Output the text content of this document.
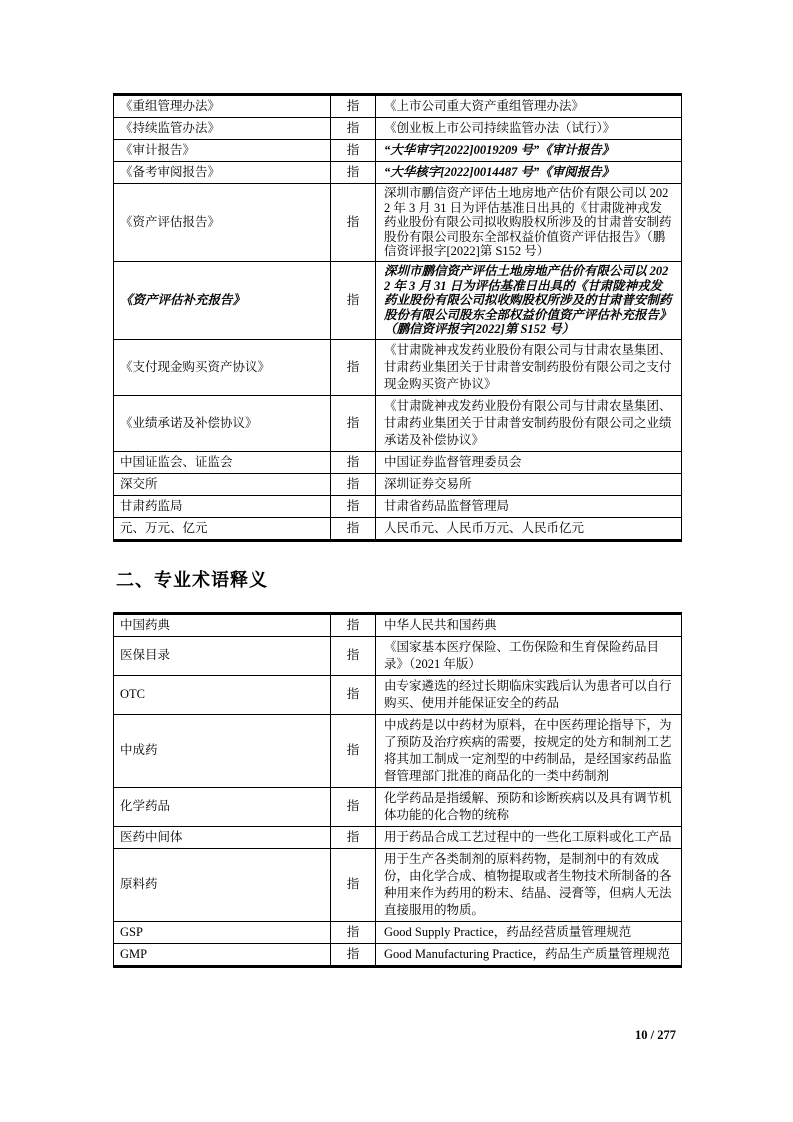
《重组管理办法》	指	《上市公司重大资产重组管理办法》
《持续监管办法》	指	《创业板上市公司持续监管办法（试行）》
《审计报告》	指	“大华审字[2022]0019209 号”《审计报告》
《备考审阅报告》	指	“大华核字[2022]0014487 号”《审阅报告》
《资产评估报告》	指	深圳市鹏信资产评估土地房地产估价有限公司以 2022 年 3 月 31 日为评估基准日出具的《甘肃陇神戎发药业股份有限公司拟收购股权所涉及的甘肃普安制药股份有限公司股东全部权益价值资产评估报告》（鹏信资评报字[2022]第 S152 号）
《资产评估补充报告》	指	深圳市鹏信资产评估土地房地产估价有限公司以 2022 年 3 月 31 日为评估基准日出具的《甘肃陇神戎发药业股份有限公司拟收购股权所涉及的甘肃普安制药股份有限公司股东全部权益价值资产评估补充报告》（鹏信资评报字[2022]第 S152 号）
《支付现金购买资产协议》	指	《甘肃陇神戎发药业股份有限公司与甘肃农垦集团、甘肃药业集团关于甘肃普安制药股份有限公司之支付现金购买资产协议》
《业绩承诺及补偿协议》	指	《甘肃陇神戎发药业股份有限公司与甘肃农垦集团、甘肃药业集团关于甘肃普安制药股份有限公司之业绩承诺及补偿协议》
中国证监会、证监会	指	中国证券监督管理委员会
深交所	指	深圳证券交易所
甘肃药监局	指	甘肃省药品监督管理局
元、万元、亿元	指	人民币元、人民币万元、人民币亿元
二、专业术语释义
中国药典	指	中华人民共和国药典
医保目录	指	《国家基本医疗保险、工伤保险和生育保险药品目录》（2021 年版）
OTC	指	由专家遴选的经过长期临床实践后认为患者可以自行购买、使用并能保证安全的药品
中成药	指	中成药是以中药材为原料，在中医药理论指导下，为了预防及治疗疾病的需要，按规定的处方和制剂工艺将其加工制成一定剂型的中药制品，是经国家药品监督管理部门批准的商品化的一类中药制剂
化学药品	指	化学药品是指缓解、预防和诊断疾病以及具有调节机体功能的化合物的统称
医药中间体	指	用于药品合成工艺过程中的一些化工原料或化工产品
原料药	指	用于生产各类制剂的原料药物，是制剂中的有效成份，由化学合成、植物提取或者生物技术所制备的各种用来作为药用的粉末、结晶、浸膏等，但病人无法直接服用的物质。
GSP	指	Good Supply Practice，药品经营质量管理规范
GMP	指	Good Manufacturing Practice，药品生产质量管理规范
10 / 277
